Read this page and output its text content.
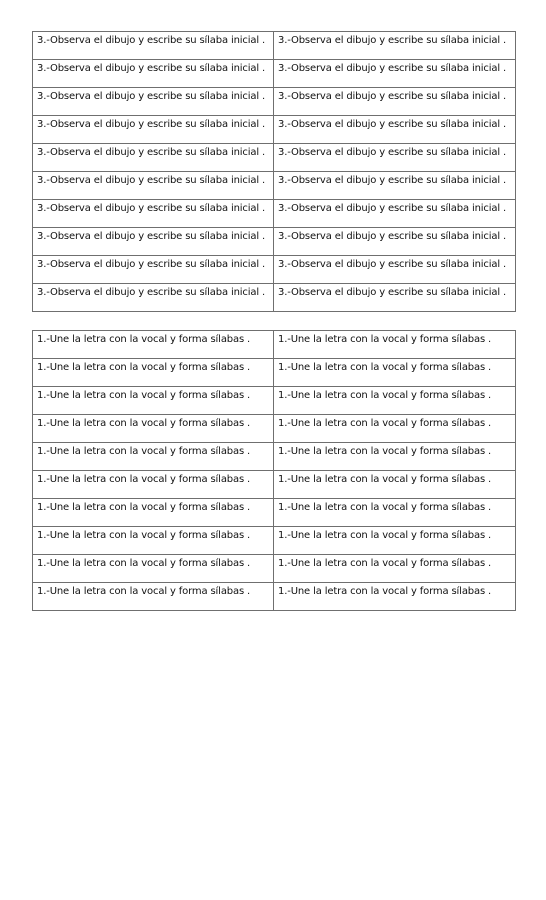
3.-Observa el dibujo y escribe su sílaba inicial .	3.-Observa el dibujo y escribe su sílaba inicial .

3.-Observa el dibujo y escribe su sílaba inicial .	3.-Observa el dibujo y escribe su sílaba inicial .

3.-Observa el dibujo y escribe su sílaba inicial .	3.-Observa el dibujo y escribe su sílaba inicial .

3.-Observa el dibujo y escribe su sílaba inicial .	3.-Observa el dibujo y escribe su sílaba inicial .

3.-Observa el dibujo y escribe su sílaba inicial .	3.-Observa el dibujo y escribe su sílaba inicial .

3.-Observa el dibujo y escribe su sílaba inicial .	3.-Observa el dibujo y escribe su sílaba inicial .

3.-Observa el dibujo y escribe su sílaba inicial .	3.-Observa el dibujo y escribe su sílaba inicial .

3.-Observa el dibujo y escribe su sílaba inicial .	3.-Observa el dibujo y escribe su sílaba inicial .

3.-Observa el dibujo y escribe su sílaba inicial .	3.-Observa el dibujo y escribe su sílaba inicial .

3.-Observa el dibujo y escribe su sílaba inicial .	3.-Observa el dibujo y escribe su sílaba inicial .
1.-Une la letra con la vocal y forma sílabas .	1.-Une la letra con la vocal y forma sílabas .

1.-Une la letra con la vocal y forma sílabas .	1.-Une la letra con la vocal y forma sílabas .

1.-Une la letra con la vocal y forma sílabas .	1.-Une la letra con la vocal y forma sílabas .

1.-Une la letra con la vocal y forma sílabas .	1.-Une la letra con la vocal y forma sílabas .

1.-Une la letra con la vocal y forma sílabas .	1.-Une la letra con la vocal y forma sílabas .

1.-Une la letra con la vocal y forma sílabas .	1.-Une la letra con la vocal y forma sílabas .

1.-Une la letra con la vocal y forma sílabas .	1.-Une la letra con la vocal y forma sílabas .

1.-Une la letra con la vocal y forma sílabas .	1.-Une la letra con la vocal y forma sílabas .

1.-Une la letra con la vocal y forma sílabas .	1.-Une la letra con la vocal y forma sílabas .

1.-Une la letra con la vocal y forma sílabas .	1.-Une la letra con la vocal y forma sílabas .
